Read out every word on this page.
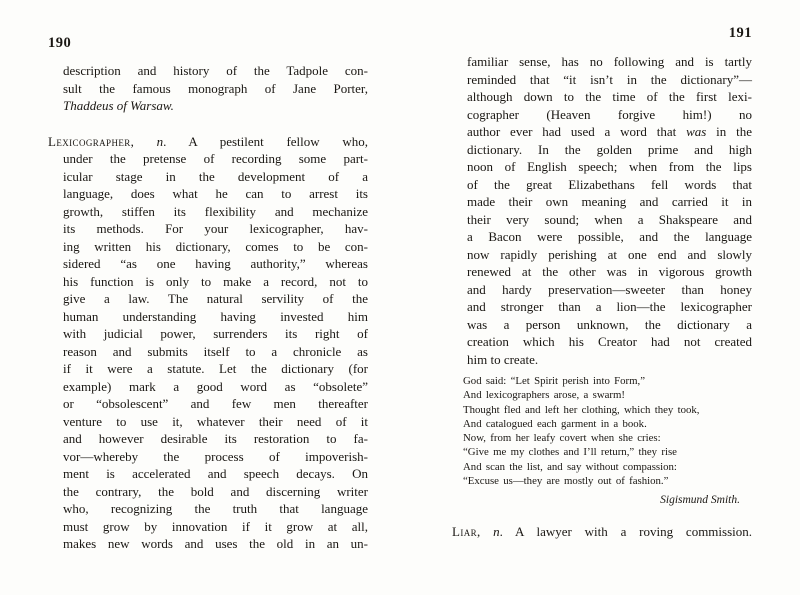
190
description and history of the Tadpole con-
sult the famous monograph of Jane Porter,
Thaddeus of Warsaw.
Lexicographer, n. A pestilent fellow who,
under the pretense of recording some part-
icular stage in the development of a
language, does what he can to arrest its
growth, stiffen its flexibility and mechanize
its methods. For your lexicographer, hav-
ing written his dictionary, comes to be con-
sidered “as one having authority,” whereas
his function is only to make a record, not to
give a law. The natural servility of the
human understanding having invested him
with judicial power, surrenders its right of
reason and submits itself to a chronicle as
if it were a statute. Let the dictionary (for
example) mark a good word as “obsolete”
or “obsolescent” and few men thereafter
venture to use it, whatever their need of it
and however desirable its restoration to fa-
vor—whereby the process of impoverish-
ment is accelerated and speech decays. On
the contrary, the bold and discerning writer
who, recognizing the truth that language
must grow by innovation if it grow at all,
makes new words and uses the old in an un-
191
familiar sense, has no following and is tartly
reminded that “it isn’t in the dictionary”—
although down to the time of the first lexi-
cographer (Heaven forgive him!) no
author ever had used a word that was in the
dictionary. In the golden prime and high
noon of English speech; when from the lips
of the great Elizabethans fell words that
made their own meaning and carried it in
their very sound; when a Shakspeare and
a Bacon were possible, and the language
now rapidly perishing at one end and slowly
renewed at the other was in vigorous growth
and hardy preservation—sweeter than honey
and stronger than a lion—the lexicographer
was a person unknown, the dictionary a
creation which his Creator had not created
him to create.
God said: “Let Spirit perish into Form,”
And lexicographers arose, a swarm!
Thought fled and left her clothing, which they took,
And catalogued each garment in a book.
Now, from her leafy covert when she cries:
“Give me my clothes and I’ll return,” they rise
And scan the list, and say without compassion:
“Excuse us—they are mostly out of fashion.”
Sigismund Smith.
Liar, n. A lawyer with a roving commission.
